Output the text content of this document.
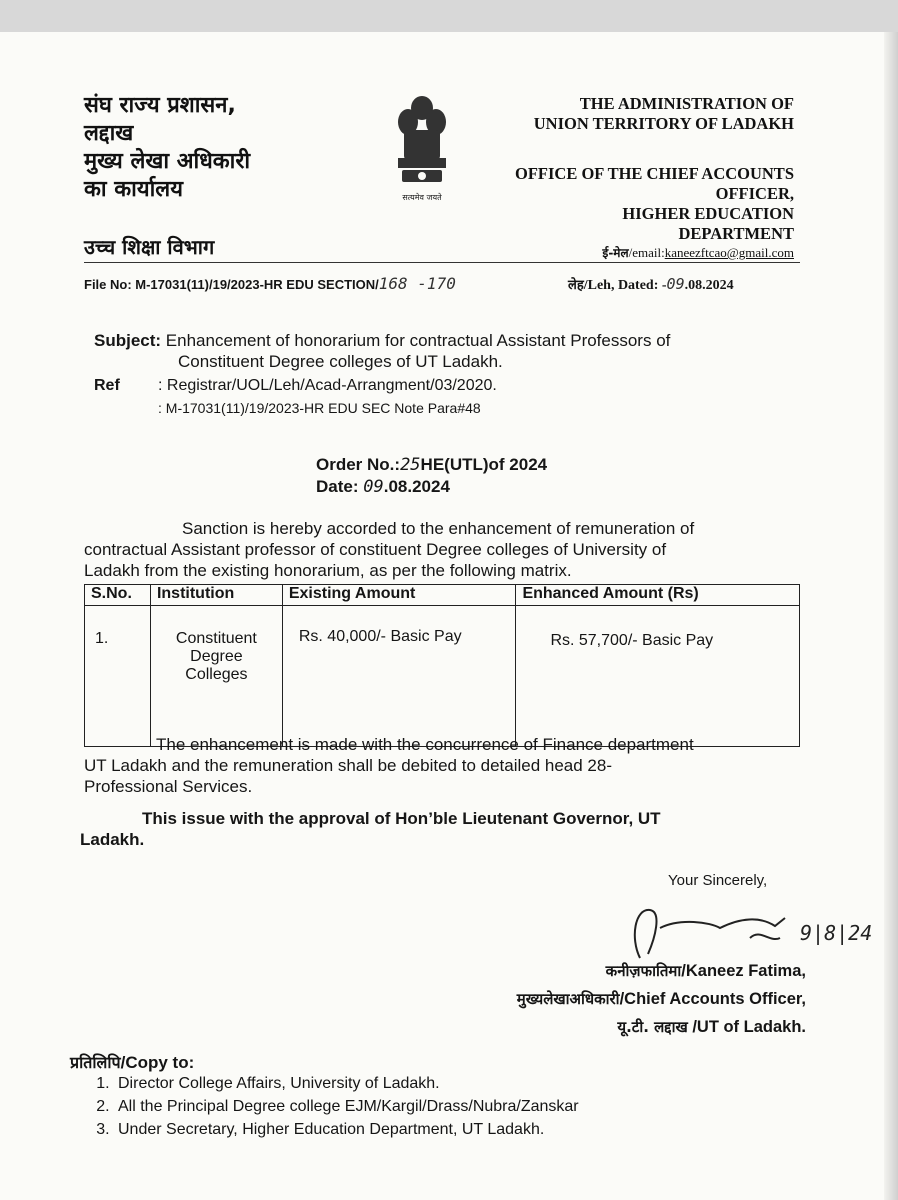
संघ राज्य प्रशासन,
लद्दाख
मुख्य लेखा अधिकारी
का कार्यालय
उच्च शिक्षा विभाग
सत्यमेव जयते
THE ADMINISTRATION OF
UNION TERRITORY OF LADAKH
OFFICE OF THE CHIEF ACCOUNTS
OFFICER,
HIGHER EDUCATION
DEPARTMENT
ई-मेल/email:kaneezftcao@gmail.com
File No: M-17031(11)/19/2023-HR EDU SECTION/168 -170	लेह/Leh, Dated: -09.08.2024
Subject: Enhancement of honorarium for contractual Assistant Professors of
Constituent Degree colleges of UT Ladakh.
Ref	: Registrar/UOL/Leh/Acad-Arrangment/03/2020.
: M-17031(11)/19/2023-HR EDU SEC Note Para#48
Order No.:25HE(UTL)of 2024
Date: 09.08.2024
Sanction is hereby accorded to the enhancement of remuneration of
contractual Assistant professor of constituent Degree colleges of University of
Ladakh from the existing honorarium, as per the following matrix.
S.No.	Institution	Existing Amount	Enhanced Amount (Rs)
1.	Constituent
Degree
Colleges	Rs. 40,000/- Basic Pay	Rs. 57,700/- Basic Pay
The enhancement is made with the concurrence of Finance department
UT Ladakh and the remuneration shall be debited to detailed head 28-
Professional Services.
This issue with the approval of Hon’ble Lieutenant Governor, UT
Ladakh.
Your Sincerely,
9|8|24
कनीज़फातिमा/Kaneez Fatima,
मुख्यलेखाअधिकारी/Chief Accounts Officer,
यू.टी. लद्दाख /UT of Ladakh.
प्रतिलिपि/Copy to:
1. Director College Affairs, University of Ladakh.
2. All the Principal Degree college EJM/Kargil/Drass/Nubra/Zanskar
3. Under Secretary, Higher Education Department, UT Ladakh.
